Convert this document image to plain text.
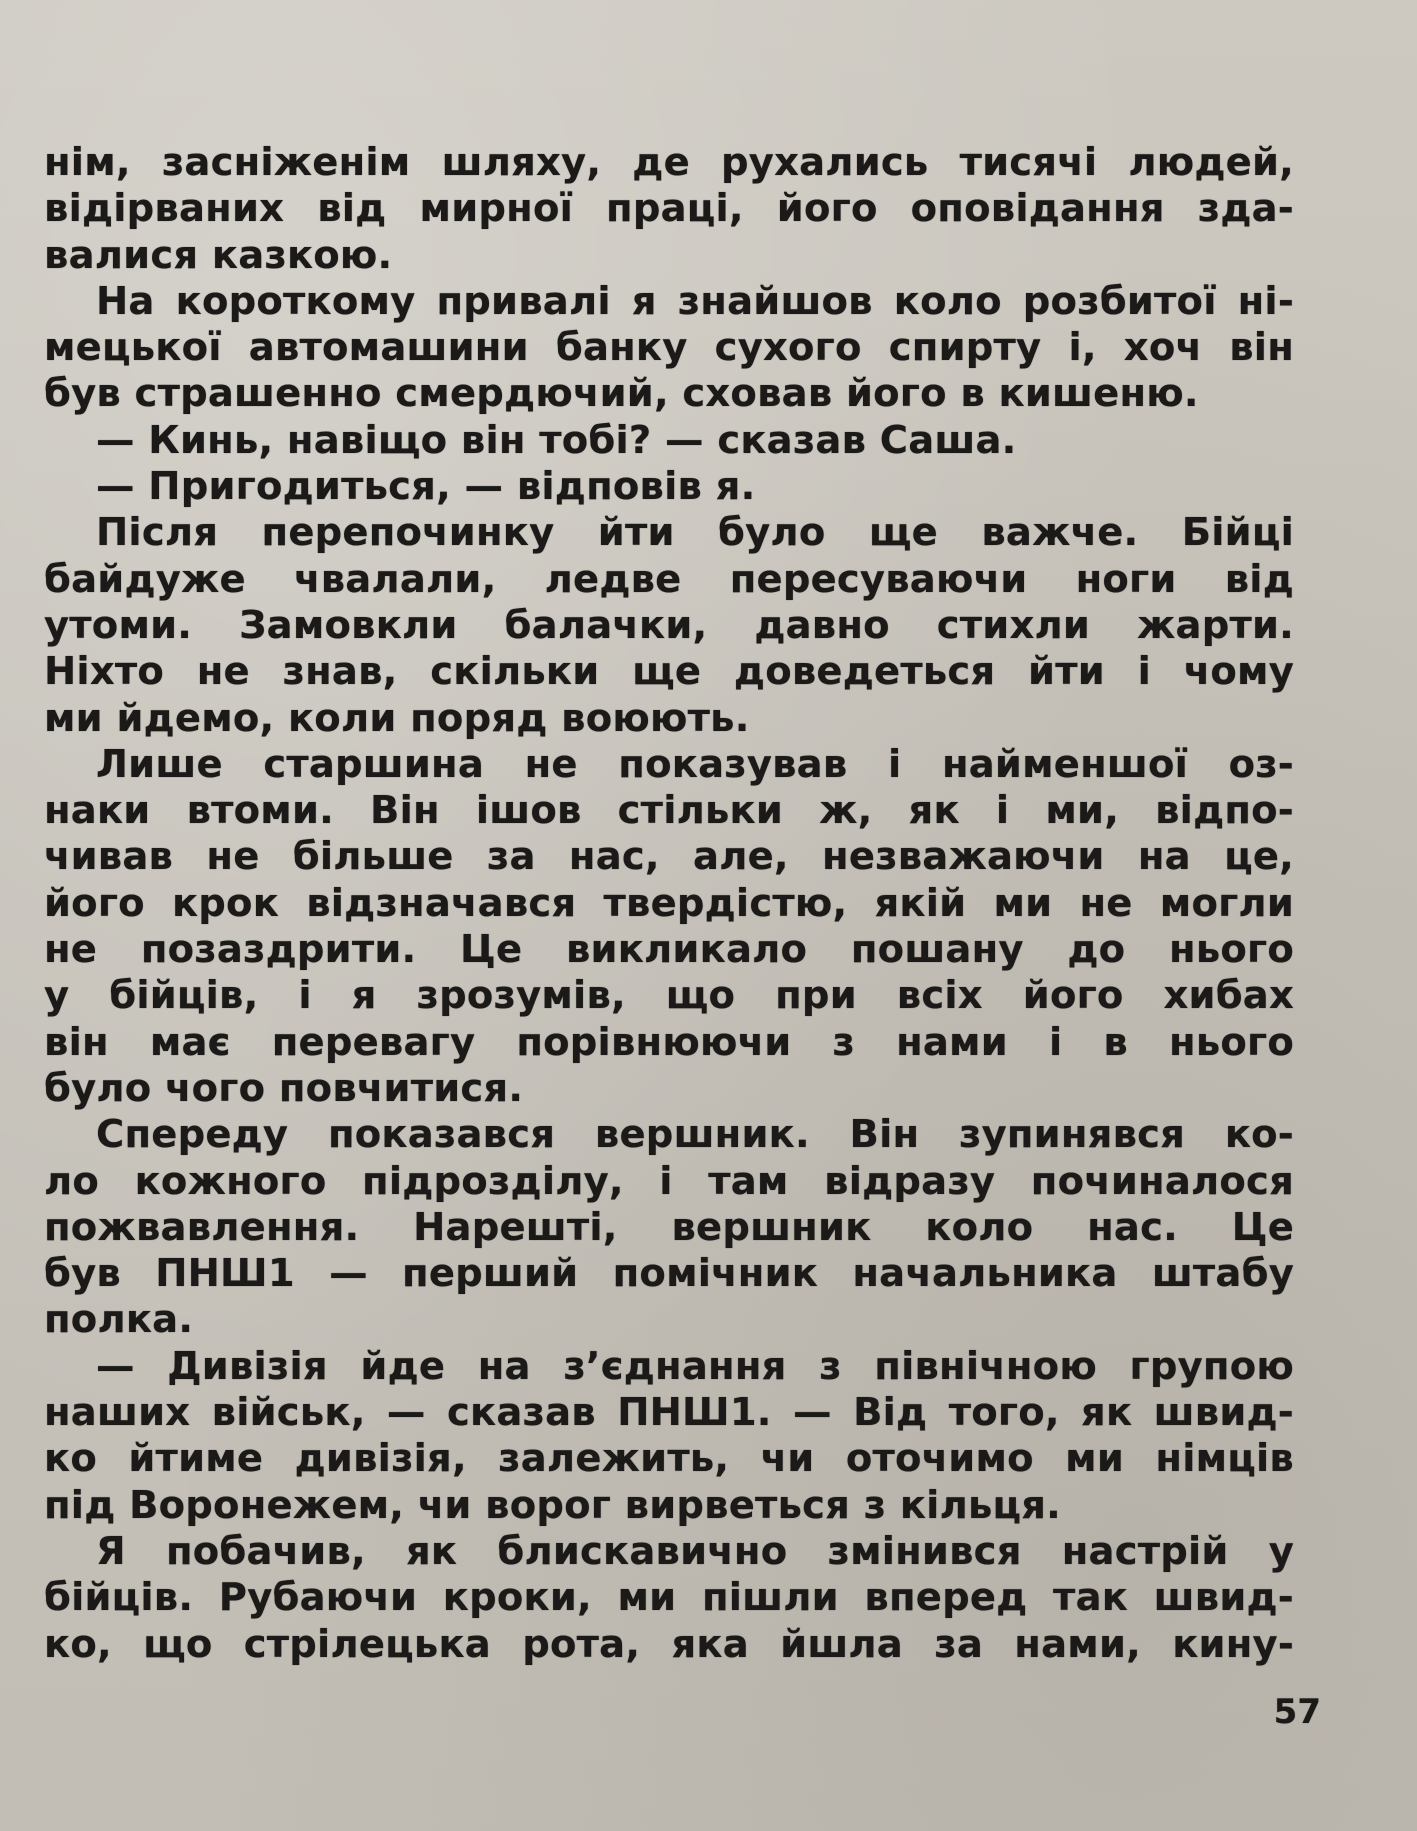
нім, засніженім шляху, де рухались тисячі людей,
відірваних від мирної праці, його оповідання зда-
валися казкою.
На короткому привалі я знайшов коло розбитої ні-
мецької автомашини банку сухого спирту і, хоч він
був страшенно смердючий, сховав його в кишеню.
— Кинь, навіщо він тобі? — сказав Саша.
— Пригодиться, — відповів я.
Після перепочинку йти було ще важче. Бійці
байдуже чвалали, ледве пересуваючи ноги від
утоми. Замовкли балачки, давно стихли жарти.
Ніхто не знав, скільки ще доведеться йти і чому
ми йдемо, коли поряд воюють.
Лише старшина не показував і найменшої оз-
наки втоми. Він ішов стільки ж, як і ми, відпо-
чивав не більше за нас, але, незважаючи на це,
його крок відзначався твердістю, якій ми не могли
не позаздрити. Це викликало пошану до нього
у бійців, і я зрозумів, що при всіх його хибах
він має перевагу порівнюючи з нами і в нього
було чого повчитися.
Спереду показався вершник. Він зупинявся ко-
ло кожного підрозділу, і там відразу починалося
пожвавлення. Нарешті, вершник коло нас. Це
був ПНШ1 — перший помічник начальника штабу
полка.
— Дивізія йде на з’єднання з північною групою
наших військ, — сказав ПНШ1. — Від того, як швид-
ко йтиме дивізія, залежить, чи оточимо ми німців
під Воронежем, чи ворог вирветься з кільця.
Я побачив, як блискавично змінився настрій у
бійців. Рубаючи кроки, ми пішли вперед так швид-
ко, що стрілецька рота, яка йшла за нами, кину-
57
